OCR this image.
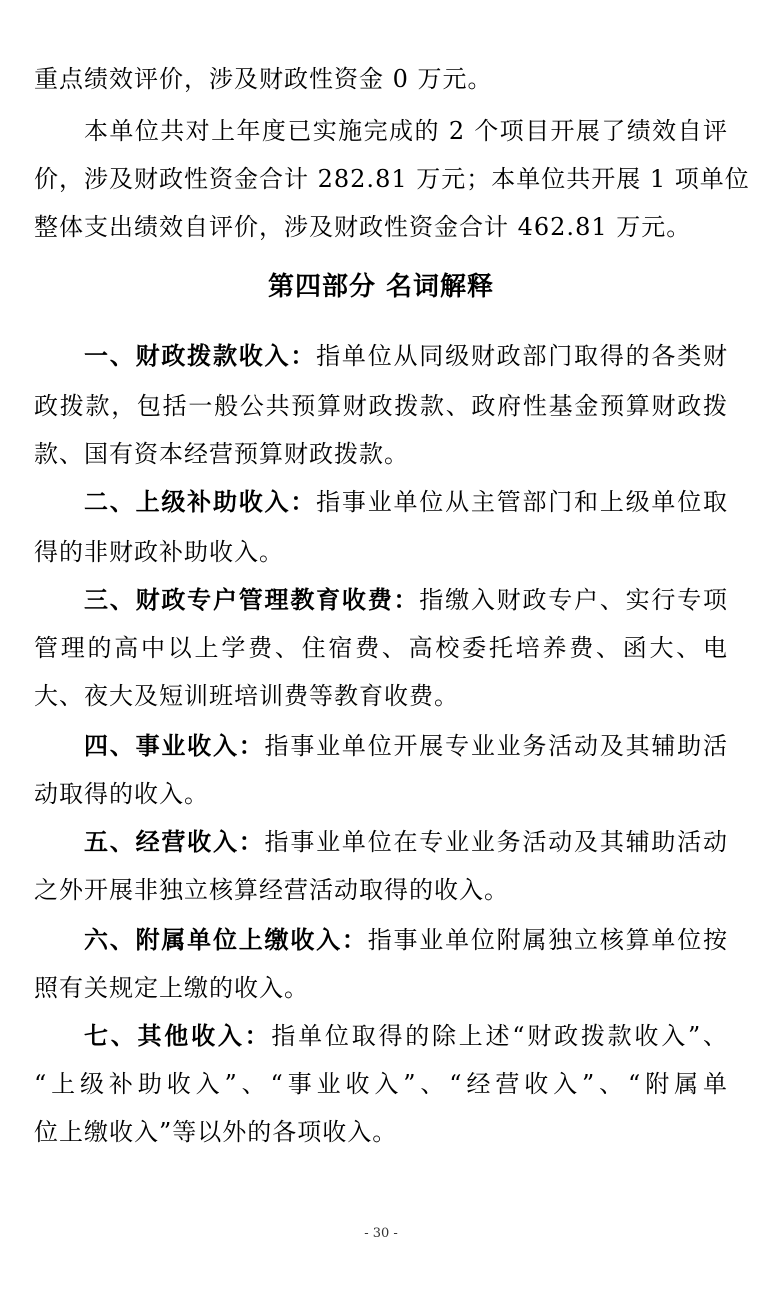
重点绩效评价，涉及财政性资金 0 万元。
本单位共对上年度已实施完成的 2 个项目开展了绩效自评
价，涉及财政性资金合计 282.81 万元；本单位共开展 1 项单位
整体支出绩效自评价，涉及财政性资金合计 462.81 万元。
第四部分 名词解释
一、财政拨款收入：指单位从同级财政部门取得的各类财
政拨款，包括一般公共预算财政拨款、政府性基金预算财政拨
款、国有资本经营预算财政拨款。
二、上级补助收入：指事业单位从主管部门和上级单位取
得的非财政补助收入。
三、财政专户管理教育收费：指缴入财政专户、实行专项
管理的高中以上学费、住宿费、高校委托培养费、函大、电
大、夜大及短训班培训费等教育收费。
四、事业收入：指事业单位开展专业业务活动及其辅助活
动取得的收入。
五、经营收入：指事业单位在专业业务活动及其辅助活动
之外开展非独立核算经营活动取得的收入。
六、附属单位上缴收入：指事业单位附属独立核算单位按
照有关规定上缴的收入。
七、其他收入：指单位取得的除上述“财政拨款收入”、
“上级补助收入”、“事业收入”、“经营收入”、“附属单
位上缴收入”等以外的各项收入。
- 30 -
